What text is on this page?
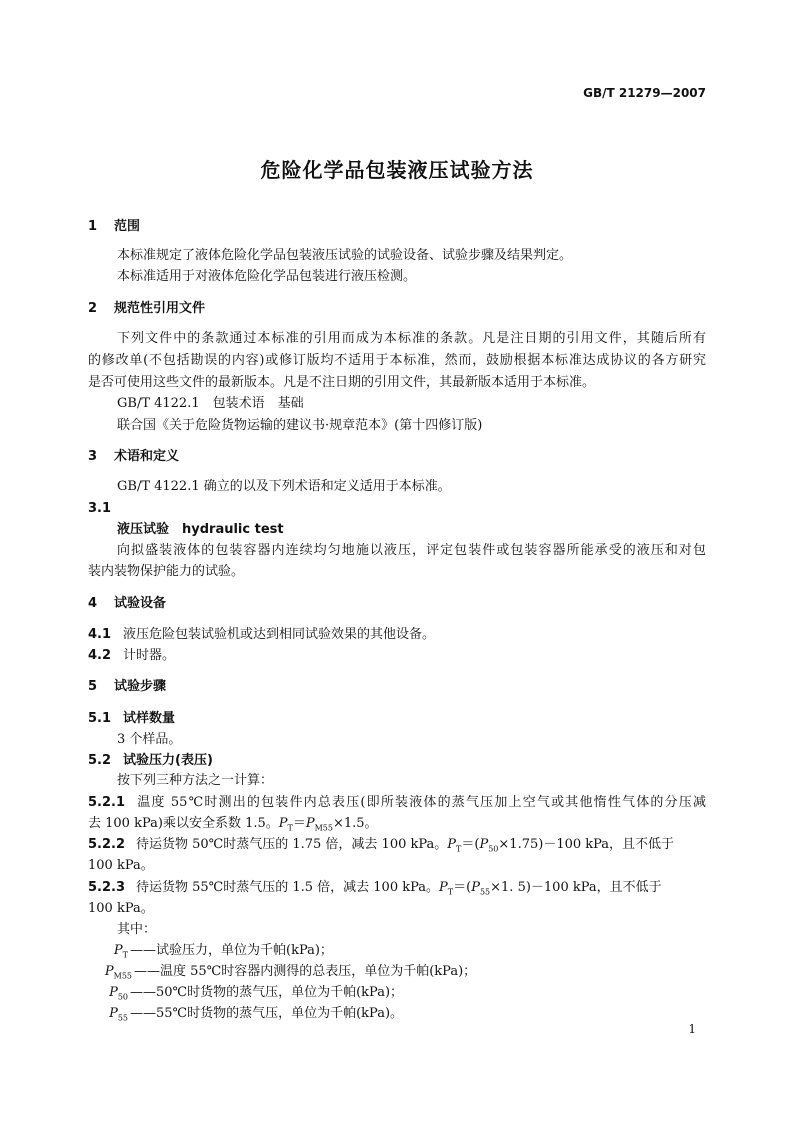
GB/T 21279—2007
危险化学品包装液压试验方法
1 范围
本标准规定了液体危险化学品包装液压试验的试验设备、试验步骤及结果判定。
本标准适用于对液体危险化学品包装进行液压检测。
2 规范性引用文件
下列文件中的条款通过本标准的引用而成为本标准的条款。凡是注日期的引用文件，其随后所有
的修改单(不包括勘误的内容)或修订版均不适用于本标准，然而，鼓励根据本标准达成协议的各方研究
是否可使用这些文件的最新版本。凡是不注日期的引用文件，其最新版本适用于本标准。
GB/T 4122.1　包装术语　基础
联合国《关于危险货物运输的建议书·规章范本》(第十四修订版)
3 术语和定义
GB/T 4122.1 确立的以及下列术语和定义适用于本标准。
3.1
液压试验　hydraulic test
向拟盛装液体的包装容器内连续均匀地施以液压，评定包装件或包装容器所能承受的液压和对包
装内装物保护能力的试验。
4 试验设备
4.1 液压危险包装试验机或达到相同试验效果的其他设备。
4.2 计时器。
5 试验步骤
5.1 试样数量
3 个样品。
5.2 试验压力(表压)
按下列三种方法之一计算：
5.2.1 温度 55℃时测出的包装件内总表压(即所装液体的蒸气压加上空气或其他惰性气体的分压减
去 100 kPa)乘以安全系数 1.5。$P_T=P_{M55}\times 1.5$。
5.2.2 待运货物 50℃时蒸气压的 1.75 倍，减去 100 kPa。$P_T=(P_{50}\times 1.75)-100$ kPa，且不低于
100 kPa。
5.2.3 待运货物 55℃时蒸气压的 1.5 倍，减去 100 kPa。$P_T=(P_{55}\times 1$. 5)－100 kPa，且不低于
100 kPa。
其中：
$P_T$ ——试验压力，单位为千帕(kPa)；
$P_{M55}$ ——温度 55℃时容器内测得的总表压，单位为千帕(kPa)；
$P_{50}$ ——50℃时货物的蒸气压，单位为千帕(kPa)；
$P_{55}$ ——55℃时货物的蒸气压，单位为千帕(kPa)。
1
